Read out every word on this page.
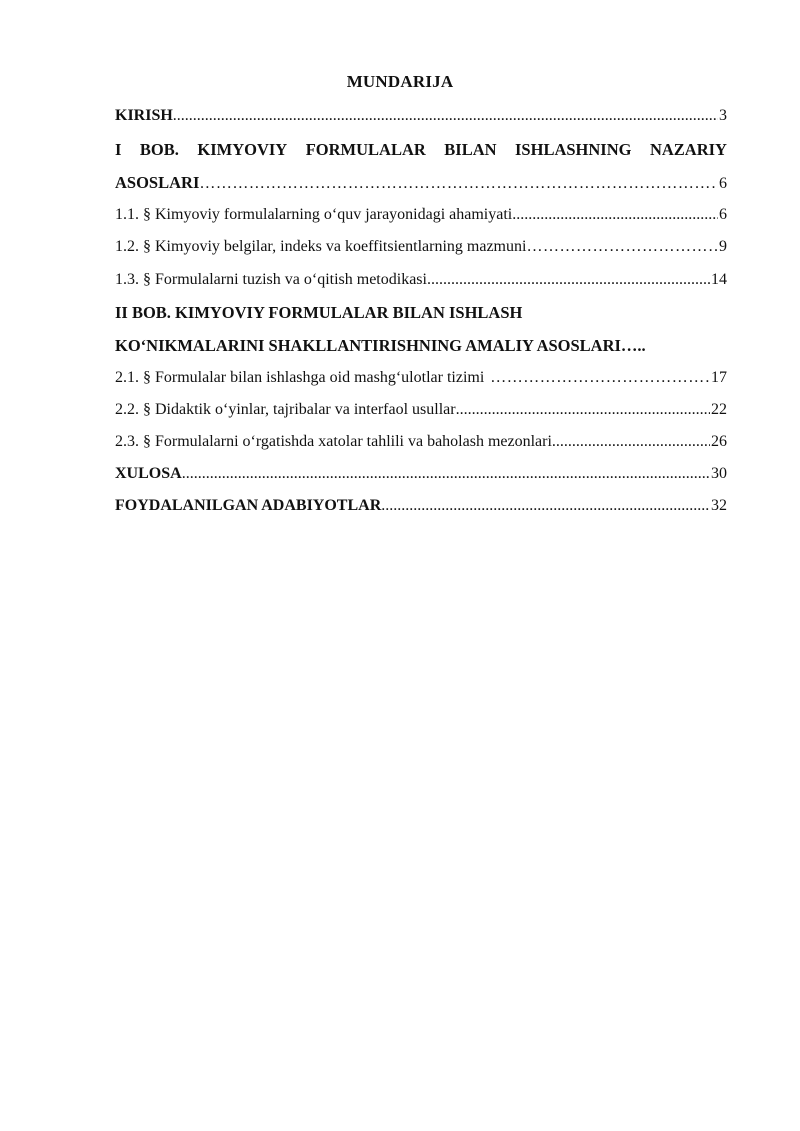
MUNDARIJA
KIRISH .....	3
I BOB. KIMYOVIY FORMULALAR BILAN ISHLASHNING NAZARIY
ASOSLARI ……………………………………………………………………………………………………………………………………………………	6
1.1. § Kimyoviy formulalarning o‘quv jarayonidagi ahamiyati .....	6
1.2. § Kimyoviy belgilar, indeks va koeffitsientlarning mazmuni ……………………………………………………………………………………………………………………………………………………	9
1.3. § Formulalarni tuzish va o‘qitish metodikasi .....	14
II BOB. KIMYOVIY FORMULALAR BILAN ISHLASH
KO‘NIKMALARINI SHAKLLANTIRISHNING AMALIY ASOSLARI…..
2.1. § Formulalar bilan ishlashga oid mashg‘ulotlar tizimi ……………………………………………………………………………………………………………………………………………………	17
2.2. § Didaktik o‘yinlar, tajribalar va interfaol usullar .....	22
2.3. § Formulalarni o‘rgatishda xatolar tahlili va baholash mezonlari .....	26
XULOSA .....	30
FOYDALANILGAN ADABIYOTLAR .....	32
